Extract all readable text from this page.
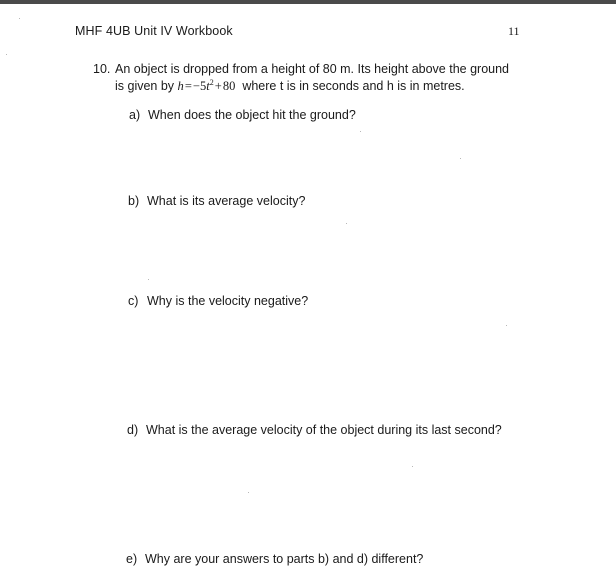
MHF 4UB Unit IV Workbook	11
10. An object is dropped from a height of 80 m. Its height above the ground
is given by h = $-5t^2$ + 80 where t is in seconds and h is in metres.
a) When does the object hit the ground?
b) What is its average velocity?
c) Why is the velocity negative?
d) What is the average velocity of the object during its last second?
e) Why are your answers to parts b) and d) different?
